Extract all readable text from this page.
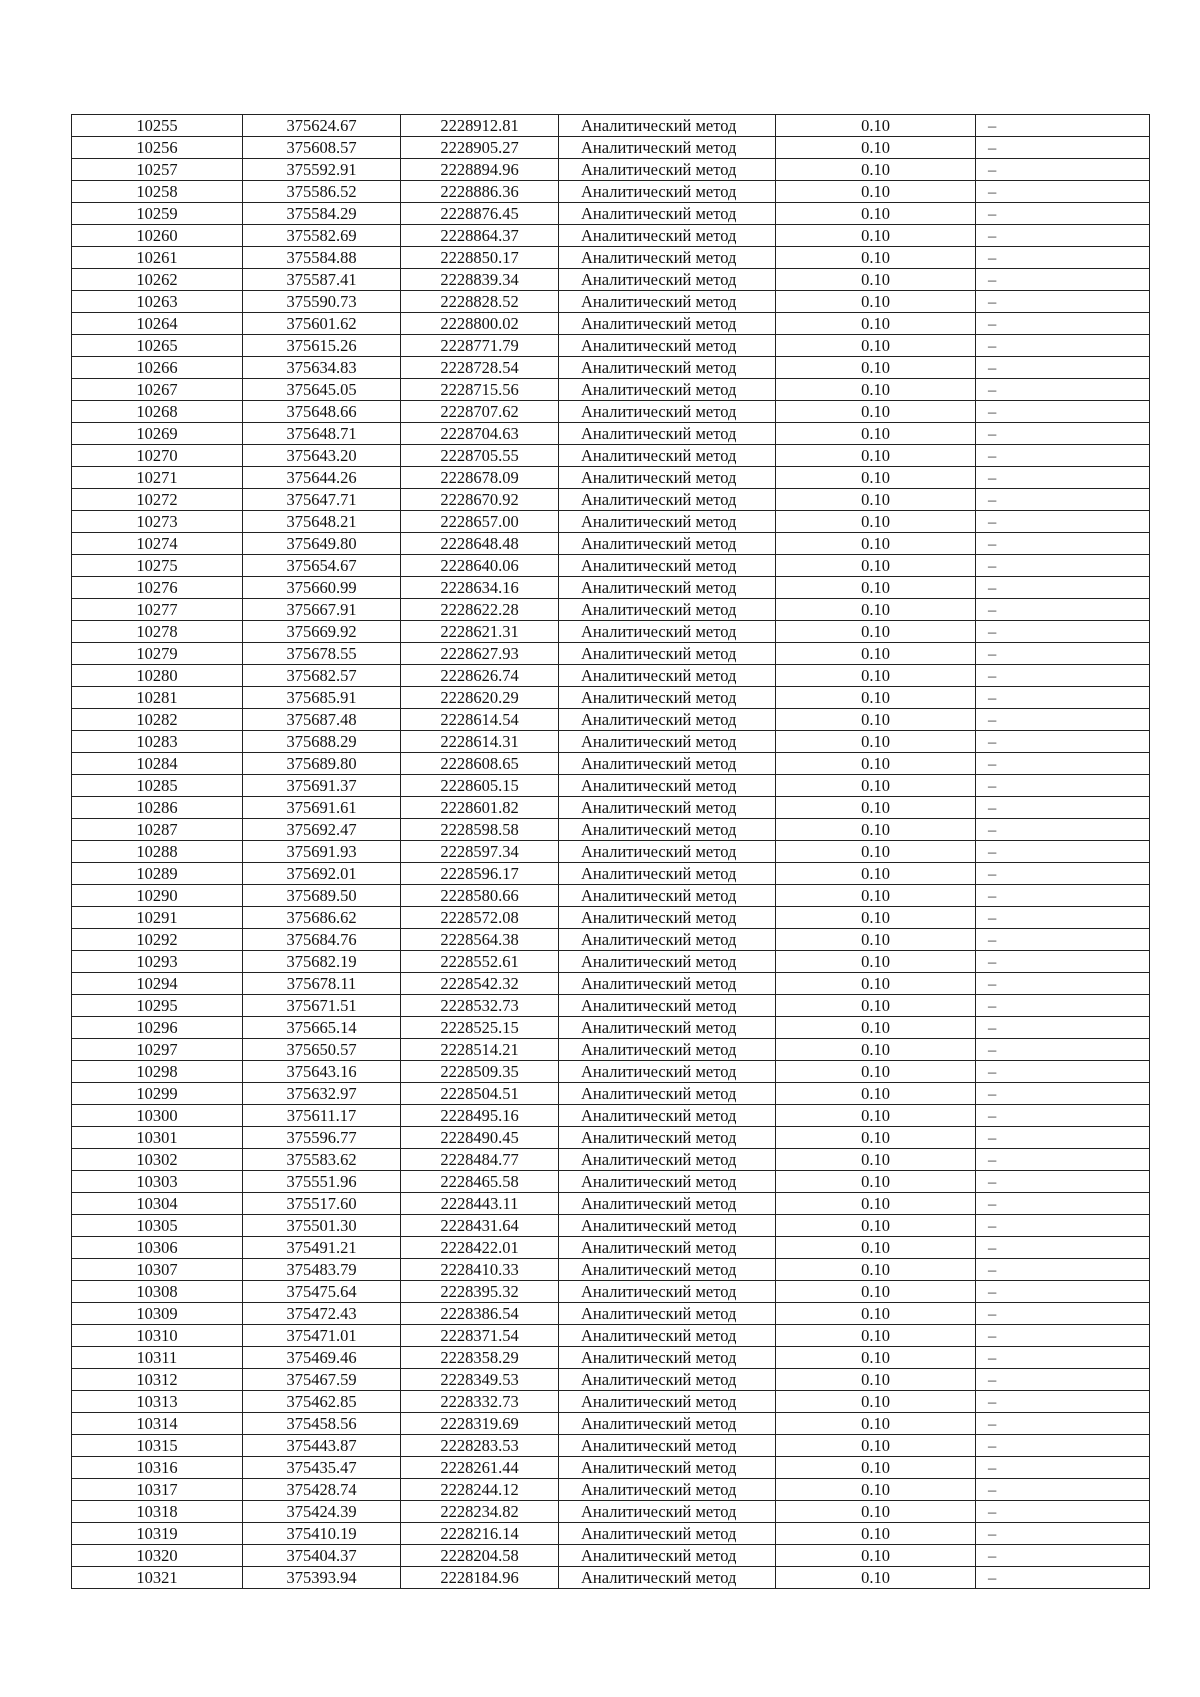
10255	375624.67	2228912.81	Аналитический метод	0.10	–
10256	375608.57	2228905.27	Аналитический метод	0.10	–
10257	375592.91	2228894.96	Аналитический метод	0.10	–
10258	375586.52	2228886.36	Аналитический метод	0.10	–
10259	375584.29	2228876.45	Аналитический метод	0.10	–
10260	375582.69	2228864.37	Аналитический метод	0.10	–
10261	375584.88	2228850.17	Аналитический метод	0.10	–
10262	375587.41	2228839.34	Аналитический метод	0.10	–
10263	375590.73	2228828.52	Аналитический метод	0.10	–
10264	375601.62	2228800.02	Аналитический метод	0.10	–
10265	375615.26	2228771.79	Аналитический метод	0.10	–
10266	375634.83	2228728.54	Аналитический метод	0.10	–
10267	375645.05	2228715.56	Аналитический метод	0.10	–
10268	375648.66	2228707.62	Аналитический метод	0.10	–
10269	375648.71	2228704.63	Аналитический метод	0.10	–
10270	375643.20	2228705.55	Аналитический метод	0.10	–
10271	375644.26	2228678.09	Аналитический метод	0.10	–
10272	375647.71	2228670.92	Аналитический метод	0.10	–
10273	375648.21	2228657.00	Аналитический метод	0.10	–
10274	375649.80	2228648.48	Аналитический метод	0.10	–
10275	375654.67	2228640.06	Аналитический метод	0.10	–
10276	375660.99	2228634.16	Аналитический метод	0.10	–
10277	375667.91	2228622.28	Аналитический метод	0.10	–
10278	375669.92	2228621.31	Аналитический метод	0.10	–
10279	375678.55	2228627.93	Аналитический метод	0.10	–
10280	375682.57	2228626.74	Аналитический метод	0.10	–
10281	375685.91	2228620.29	Аналитический метод	0.10	–
10282	375687.48	2228614.54	Аналитический метод	0.10	–
10283	375688.29	2228614.31	Аналитический метод	0.10	–
10284	375689.80	2228608.65	Аналитический метод	0.10	–
10285	375691.37	2228605.15	Аналитический метод	0.10	–
10286	375691.61	2228601.82	Аналитический метод	0.10	–
10287	375692.47	2228598.58	Аналитический метод	0.10	–
10288	375691.93	2228597.34	Аналитический метод	0.10	–
10289	375692.01	2228596.17	Аналитический метод	0.10	–
10290	375689.50	2228580.66	Аналитический метод	0.10	–
10291	375686.62	2228572.08	Аналитический метод	0.10	–
10292	375684.76	2228564.38	Аналитический метод	0.10	–
10293	375682.19	2228552.61	Аналитический метод	0.10	–
10294	375678.11	2228542.32	Аналитический метод	0.10	–
10295	375671.51	2228532.73	Аналитический метод	0.10	–
10296	375665.14	2228525.15	Аналитический метод	0.10	–
10297	375650.57	2228514.21	Аналитический метод	0.10	–
10298	375643.16	2228509.35	Аналитический метод	0.10	–
10299	375632.97	2228504.51	Аналитический метод	0.10	–
10300	375611.17	2228495.16	Аналитический метод	0.10	–
10301	375596.77	2228490.45	Аналитический метод	0.10	–
10302	375583.62	2228484.77	Аналитический метод	0.10	–
10303	375551.96	2228465.58	Аналитический метод	0.10	–
10304	375517.60	2228443.11	Аналитический метод	0.10	–
10305	375501.30	2228431.64	Аналитический метод	0.10	–
10306	375491.21	2228422.01	Аналитический метод	0.10	–
10307	375483.79	2228410.33	Аналитический метод	0.10	–
10308	375475.64	2228395.32	Аналитический метод	0.10	–
10309	375472.43	2228386.54	Аналитический метод	0.10	–
10310	375471.01	2228371.54	Аналитический метод	0.10	–
10311	375469.46	2228358.29	Аналитический метод	0.10	–
10312	375467.59	2228349.53	Аналитический метод	0.10	–
10313	375462.85	2228332.73	Аналитический метод	0.10	–
10314	375458.56	2228319.69	Аналитический метод	0.10	–
10315	375443.87	2228283.53	Аналитический метод	0.10	–
10316	375435.47	2228261.44	Аналитический метод	0.10	–
10317	375428.74	2228244.12	Аналитический метод	0.10	–
10318	375424.39	2228234.82	Аналитический метод	0.10	–
10319	375410.19	2228216.14	Аналитический метод	0.10	–
10320	375404.37	2228204.58	Аналитический метод	0.10	–
10321	375393.94	2228184.96	Аналитический метод	0.10	–
